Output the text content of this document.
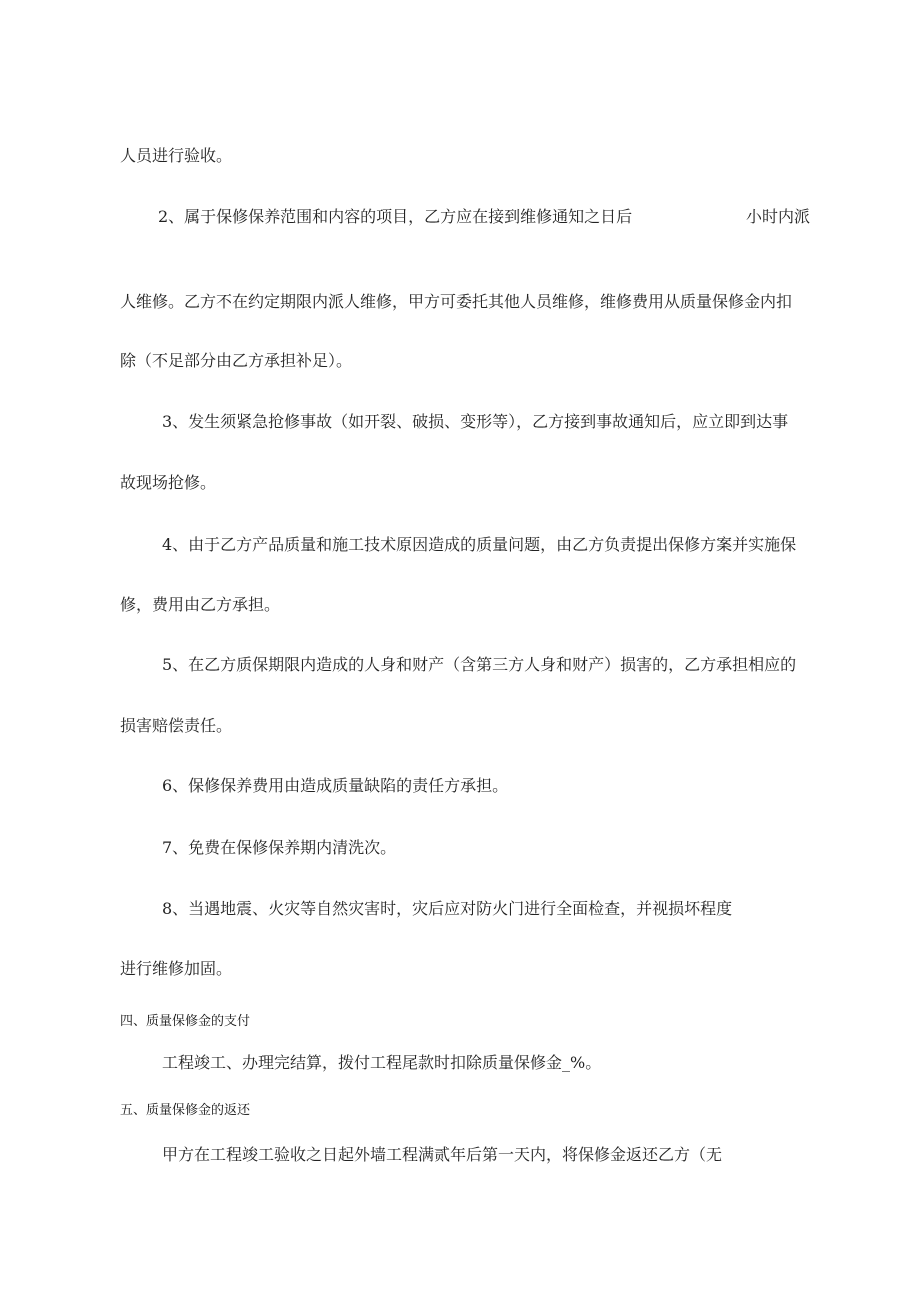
人员进行验收。
2、属于保修保养范围和内容的项目，乙方应在接到维修通知之日后	小时内派
人维修。乙方不在约定期限内派人维修，甲方可委托其他人员维修，维修费用从质量保修金内扣
除（不足部分由乙方承担补足）。
3、发生须紧急抢修事故（如开裂、破损、变形等），乙方接到事故通知后，应立即到达事
故现场抢修。
4、由于乙方产品质量和施工技术原因造成的质量问题，由乙方负责提出保修方案并实施保
修，费用由乙方承担。
5、在乙方质保期限内造成的人身和财产（含第三方人身和财产）损害的，乙方承担相应的
损害赔偿责任。
6、保修保养费用由造成质量缺陷的责任方承担。
7、免费在保修保养期内清洗次。
8、当遇地震、火灾等自然灾害时，灾后应对防火门进行全面检查，并视损坏程度
进行维修加固。
四、质量保修金的支付
工程竣工、办理完结算，拨付工程尾款时扣除质量保修金_%。
五、质量保修金的返还
甲方在工程竣工验收之日起外墙工程满贰年后第一天内，将保修金返还乙方（无
